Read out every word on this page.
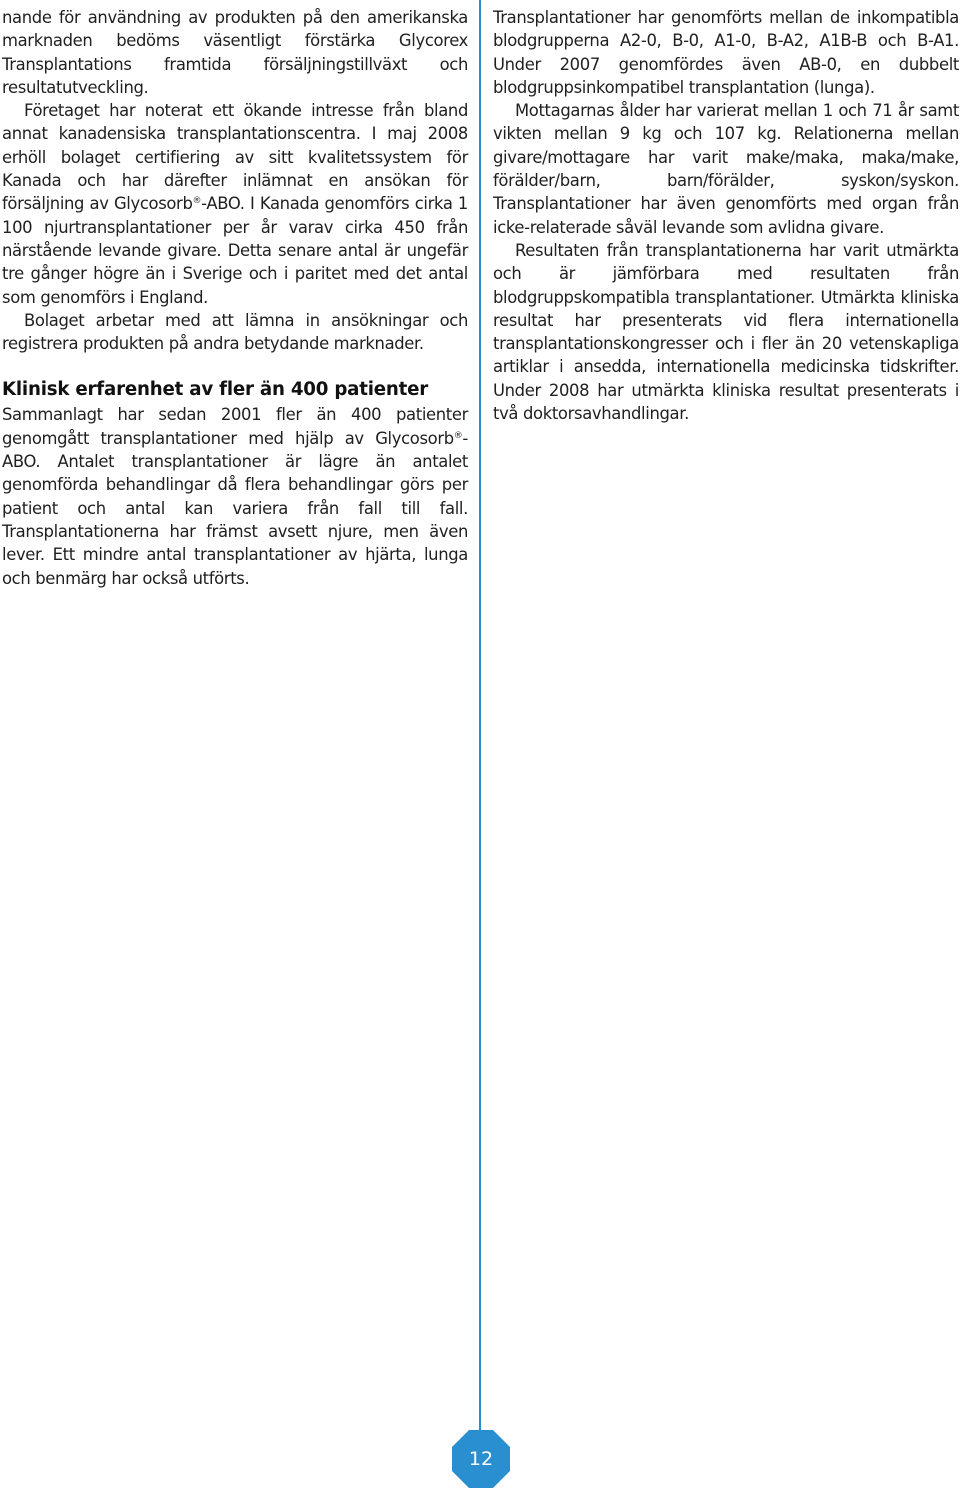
nande för användning av produkten på den amerikanska marknaden bedöms väsentligt förstärka Glycorex Transplantations framtida försäljningstillväxt och resultatutveckling.

Företaget har noterat ett ökande intresse från bland annat kanadensiska transplantationscentra. I maj 2008 erhöll bolaget certifiering av sitt kvalitetssystem för Kanada och har därefter inlämnat en ansökan för försäljning av Glycosorb®-ABO. I Kanada genomförs cirka 1 100 njurtransplantationer per år varav cirka 450 från närstående levande givare. Detta senare antal är ungefär tre gånger högre än i Sverige och i paritet med det antal som genomförs i England.

Bolaget arbetar med att lämna in ansökningar och registrera produkten på andra betydande marknader.

Klinisk erfarenhet av fler än 400 patienter

Sammanlagt har sedan 2001 fler än 400 patienter genomgått transplantationer med hjälp av Glycosorb®-ABO. Antalet transplantationer är lägre än antalet genomförda behandlingar då flera behandlingar görs per patient och antal kan variera från fall till fall. Transplantationerna har främst avsett njure, men även lever. Ett mindre antal transplantationer av hjärta, lunga och benmärg har också utförts.

Transplantationer har genomförts mellan de inkompatibla blodgrupperna A2-0, B-0, A1-0, B-A2, A1B-B och B-A1. Under 2007 genomfördes även AB-0, en dubbelt blodgruppsinkompatibel transplantation (lunga).

Mottagarnas ålder har varierat mellan 1 och 71 år samt vikten mellan 9 kg och 107 kg. Relationerna mellan givare/mottagare har varit make/maka, maka/make, förälder/barn, barn/förälder, syskon/syskon. Transplantationer har även genomförts med organ från icke-relaterade såväl levande som avlidna givare.

Resultaten från transplantationerna har varit utmärkta och är jämförbara med resultaten från blodgruppskompatibla transplantationer. Utmärkta kliniska resultat har presenterats vid flera internationella transplantationskongresser och i fler än 20 vetenskapliga artiklar i ansedda, internationella medicinska tidskrifter. Under 2008 har utmärkta kliniska resultat presenterats i två doktorsavhandlingar.

12
